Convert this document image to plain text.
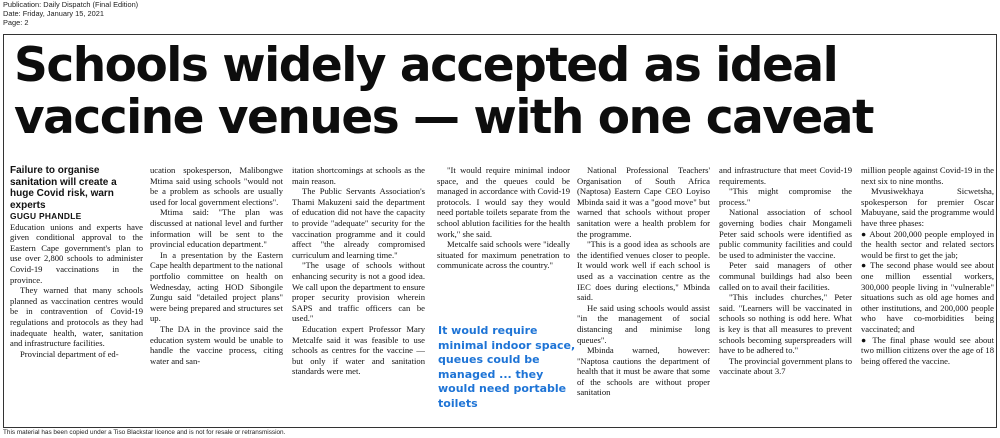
Publication: Daily Dispatch (Final Edition)
Date: Friday, January 15, 2021
Page: 2
Schools widely accepted as ideal vaccine venues — with one caveat

Failure to organise sanitation will create a huge Covid risk, warn experts

GUGU PHANDLE

Education unions and experts have given conditional approval to the Eastern Cape government's plan to use over 2,800 schools to administer Covid-19 vaccinations in the province.

They warned that many schools planned as vaccination centres would be in contravention of Covid-19 regulations and protocols as they had inadequate health, water, sanitation and infrastructure facilities.

Provincial department of ed-

ucation spokesperson, Malibongwe Mtima said using schools "would not be a problem as schools are usually used for local government elections".

Mtima said: "The plan was discussed at national level and further information will be sent to the provincial education department."

In a presentation by the Eastern Cape health department to the national portfolio committee on health on Wednesday, acting HOD Sibongile Zungu said "detailed project plans" were being prepared and structures set up.

The DA in the province said the education system would be unable to handle the vaccine process, citing water and san-

itation shortcomings at schools as the main reason.

The Public Servants Association's Thami Makuzeni said the department of education did not have the capacity to provide "adequate" security for the vaccination programme and it could affect "the already compromised curriculum and learning time."

"The usage of schools without enhancing security is not a good idea. We call upon the department to ensure proper security provision wherein SAPS and traffic officers can be used."

Education expert Professor Mary Metcalfe said it was feasible to use schools as centres for the vaccine — but only if water and sanitation standards were met.

"It would require minimal indoor space, and the queues could be managed in accordance with Covid-19 protocols. I would say they would need portable toilets separate from the school ablution facilities for the health work," she said.

Metcalfe said schools were "ideally situated for maximum penetration to communicate across the country."

It would require minimal indoor space, queues could be managed ... they would need portable toilets

National Professional Teachers' Organisation of South Africa (Naptosa) Eastern Cape CEO Loyiso Mbinda said it was a "good move" but warned that schools without proper sanitation were a health problem for the programme.

"This is a good idea as schools are the identified venues closer to people. It would work well if each school is used as a vaccination centre as the IEC does during elections," Mbinda said.

He said using schools would assist "in the management of social distancing and minimise long queues".

Mbinda warned, however: "Naptosa cautions the department of health that it must be aware that some of the schools are without proper sanitation

and infrastructure that meet Covid-19 requirements.

"This might compromise the process."

National association of school governing bodies chair Mongameli Peter said schools were identified as public community facilities and could be used to administer the vaccine.

Peter said managers of other communal buildings had also been called on to avail their facilities.

"This includes churches," Peter said. "Learners will be vaccinated in schools so nothing is odd here. What is key is that all measures to prevent schools becoming superspreaders will have to be adhered to."

The provincial government plans to vaccinate about 3.7

million people against Covid-19 in the next six to nine months.

Mvusiwekhaya Sicwetsha, spokesperson for premier Oscar Mabuyane, said the programme would have three phases:

● About 200,000 people employed in the health sector and related sectors would be first to get the jab;

● The second phase would see about one million essential workers, 300,000 people living in "vulnerable" situations such as old age homes and other institutions, and 200,000 people who have co-morbidities being vaccinated; and

● The final phase would see about two million citizens over the age of 18 being offered the vaccine.

This material has been copied under a Tiso Blackstar licence and is not for resale or retransmission.
